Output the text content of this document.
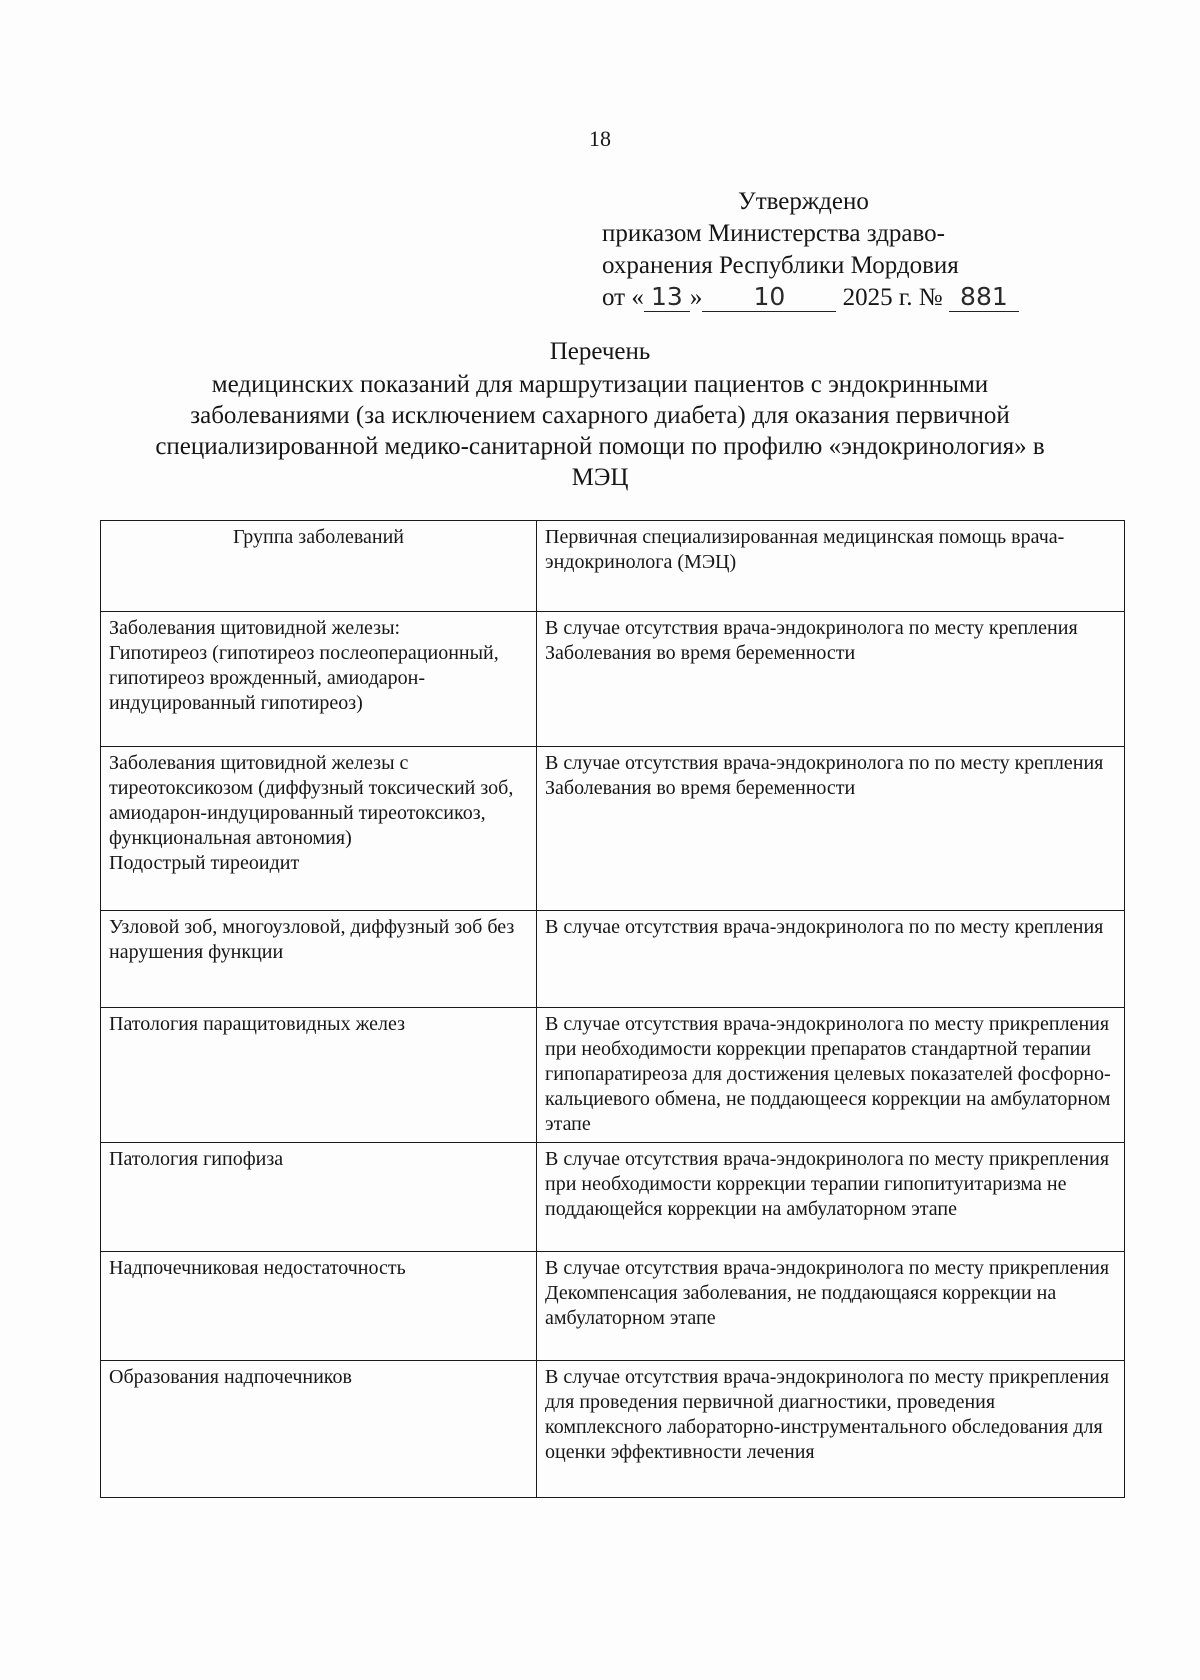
18
Утверждено
приказом Министерства здраво-
охранения Республики Мордовия
от « 13 » 10 2025 г. № 881
Перечень
медицинских показаний для маршрутизации пациентов с эндокринными
заболеваниями (за исключением сахарного диабета) для оказания первичной
специализированной медико-санитарной помощи по профилю «эндокринология» в
МЭЦ
Группа заболеваний	Первичная специализированная медицинская помощь врача-эндокринолога (МЭЦ)

Заболевания щитовидной железы:
Гипотиреоз (гипотиреоз послеоперационный,
гипотиреоз врожденный, амиодарон-индуцированный гипотиреоз)	В случае отсутствия врача-эндокринолога по месту крепления
Заболевания во время беременности

Заболевания щитовидной железы с тиреотоксикозом (диффузный токсический зоб, амиодарон-индуцированный тиреотоксикоз, функциональная автономия)
Подострый тиреоидит	В случае отсутствия врача-эндокринолога по по месту крепления
Заболевания во время беременности

Узловой зоб, многоузловой, диффузный зоб без нарушения функции	В случае отсутствия врача-эндокринолога по по месту крепления

Патология паращитовидных желез	В случае отсутствия врача-эндокринолога по месту прикрепления при необходимости коррекции препаратов стандартной терапии гипопаратиреоза для достижения целевых показателей фосфорно-кальциевого обмена, не поддающееся коррекции на амбулаторном этапе

Патология гипофиза	В случае отсутствия врача-эндокринолога по месту прикрепления при необходимости коррекции терапии гипопитуитаризма не поддающейся коррекции на амбулаторном этапе

Надпочечниковая недостаточность	В случае отсутствия врача-эндокринолога по месту прикрепления
Декомпенсация заболевания, не поддающаяся коррекции на амбулаторном этапе

Образования надпочечников	В случае отсутствия врача-эндокринолога по месту прикрепления для проведения первичной диагностики, проведения комплексного лабораторно-инструментального обследования для
оценки эффективности лечения
